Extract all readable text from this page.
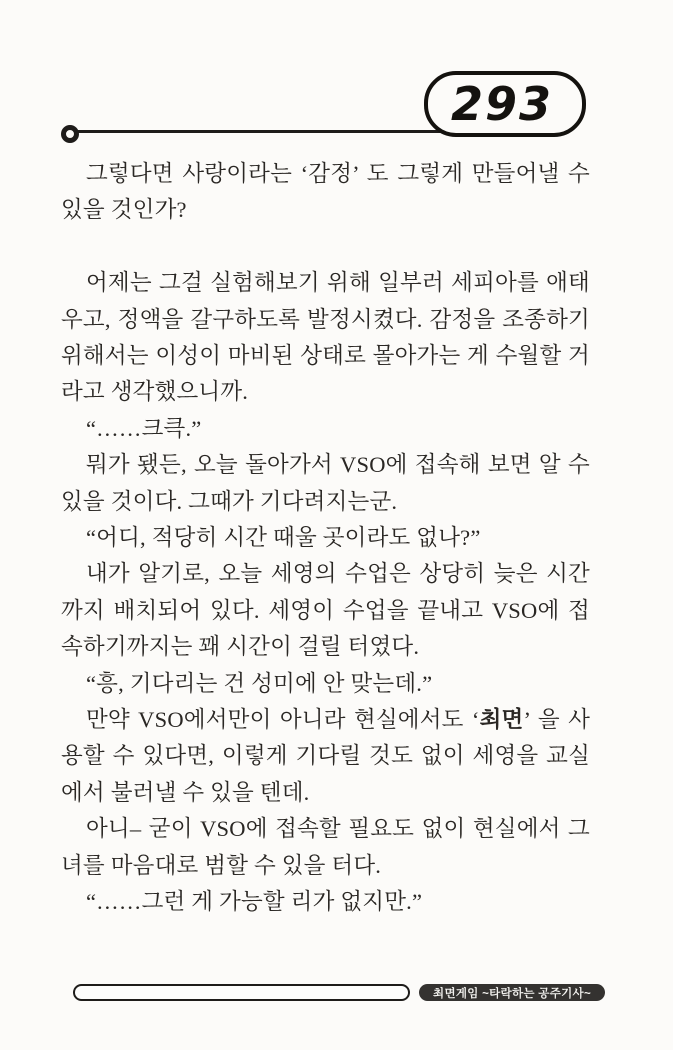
293

그렇다면 사랑이라는 ‘감정’ 도 그렇게 만들어낼 수 있을 것인가?

어제는 그걸 실험해보기 위해 일부러 세피아를 애태우고, 정액을 갈구하도록 발정시켰다. 감정을 조종하기 위해서는 이성이 마비된 상태로 몰아가는 게 수월할 거라고 생각했으니까.

“……크큭.”

뭐가 됐든, 오늘 돌아가서 VSO에 접속해 보면 알 수 있을 것이다. 그때가 기다려지는군.

“어디, 적당히 시간 때울 곳이라도 없나?”

내가 알기로, 오늘 세영의 수업은 상당히 늦은 시간까지 배치되어 있다. 세영이 수업을 끝내고 VSO에 접속하기까지는 꽤 시간이 걸릴 터였다.

“흥, 기다리는 건 성미에 안 맞는데.”

만약 VSO에서만이 아니라 현실에서도 ‘최면’ 을 사용할 수 있다면, 이렇게 기다릴 것도 없이 세영을 교실에서 불러낼 수 있을 텐데.

아니– 굳이 VSO에 접속할 필요도 없이 현실에서 그녀를 마음대로 범할 수 있을 터다.

“……그런 게 가능할 리가 없지만.”

최면게임 ~타락하는 공주기사~
